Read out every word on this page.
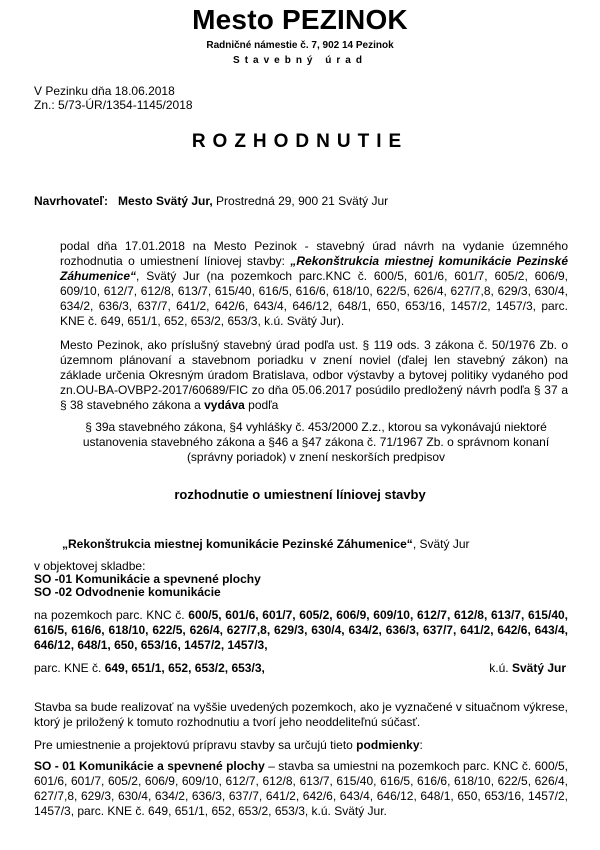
Mesto PEZINOK
Radničné námestie č. 7, 902 14 Pezinok
Stavebný úrad
V Pezinku dňa 18.06.2018
Zn.: 5/73-ÚR/1354-1145/2018
ROZHODNUTIE
Navrhovateľ: Mesto Svätý Jur, Prostredná 29, 900 21 Svätý Jur
podal dňa 17.01.2018 na Mesto Pezinok - stavebný úrad návrh na vydanie územného rozhodnutia o umiestnení líniovej stavby: „Rekonštrukcia miestnej komunikácie Pezinské Záhumenice“, Svätý Jur (na pozemkoch parc.KNC č. 600/5, 601/6, 601/7, 605/2, 606/9, 609/10, 612/7, 612/8, 613/7, 615/40, 616/5, 616/6, 618/10, 622/5, 626/4, 627/7,8, 629/3, 630/4, 634/2, 636/3, 637/7, 641/2, 642/6, 643/4, 646/12, 648/1, 650, 653/16, 1457/2, 1457/3, parc. KNE č. 649, 651/1, 652, 653/2, 653/3, k.ú. Svätý Jur).
Mesto Pezinok, ako príslušný stavebný úrad podľa ust. § 119 ods. 3 zákona č. 50/1976 Zb. o územnom plánovaní a stavebnom poriadku v znení noviel (ďalej len stavebný zákon) na základe určenia Okresným úradom Bratislava, odbor výstavby a bytovej politiky vydaného pod zn.OU-BA-OVBP2-2017/60689/FIC zo dňa 05.06.2017 posúdilo predložený návrh podľa § 37 a § 38 stavebného zákona a vydáva podľa
§ 39a stavebného zákona, §4 vyhlášky č. 453/2000 Z.z., ktorou sa vykonávajú niektoré ustanovenia stavebného zákona a §46 a §47 zákona č. 71/1967 Zb. o správnom konaní (správny poriadok) v znení neskorších predpisov
rozhodnutie o umiestnení líniovej stavby
„Rekonštrukcia miestnej komunikácie Pezinské Záhumenice“, Svätý Jur
v objektovej skladbe:
SO -01 Komunikácie a spevnené plochy
SO -02 Odvodnenie komunikácie
na pozemkoch parc. KNC č. 600/5, 601/6, 601/7, 605/2, 606/9, 609/10, 612/7, 612/8, 613/7, 615/40, 616/5, 616/6, 618/10, 622/5, 626/4, 627/7,8, 629/3, 630/4, 634/2, 636/3, 637/7, 641/2, 642/6, 643/4, 646/12, 648/1, 650, 653/16, 1457/2, 1457/3,
parc. KNE č. 649, 651/1, 652, 653/2, 653/3,	k.ú. Svätý Jur
Stavba sa bude realizovať na vyššie uvedených pozemkoch, ako je vyznačené v situačnom výkrese, ktorý je priložený k tomuto rozhodnutiu a tvorí jeho neoddeliteľnú súčasť.
Pre umiestnenie a projektovú prípravu stavby sa určujú tieto podmienky:
SO - 01 Komunikácie a spevnené plochy – stavba sa umiestni na pozemkoch parc. KNC č. 600/5, 601/6, 601/7, 605/2, 606/9, 609/10, 612/7, 612/8, 613/7, 615/40, 616/5, 616/6, 618/10, 622/5, 626/4, 627/7,8, 629/3, 630/4, 634/2, 636/3, 637/7, 641/2, 642/6, 643/4, 646/12, 648/1, 650, 653/16, 1457/2, 1457/3, parc. KNE č. 649, 651/1, 652, 653/2, 653/3, k.ú. Svätý Jur.
